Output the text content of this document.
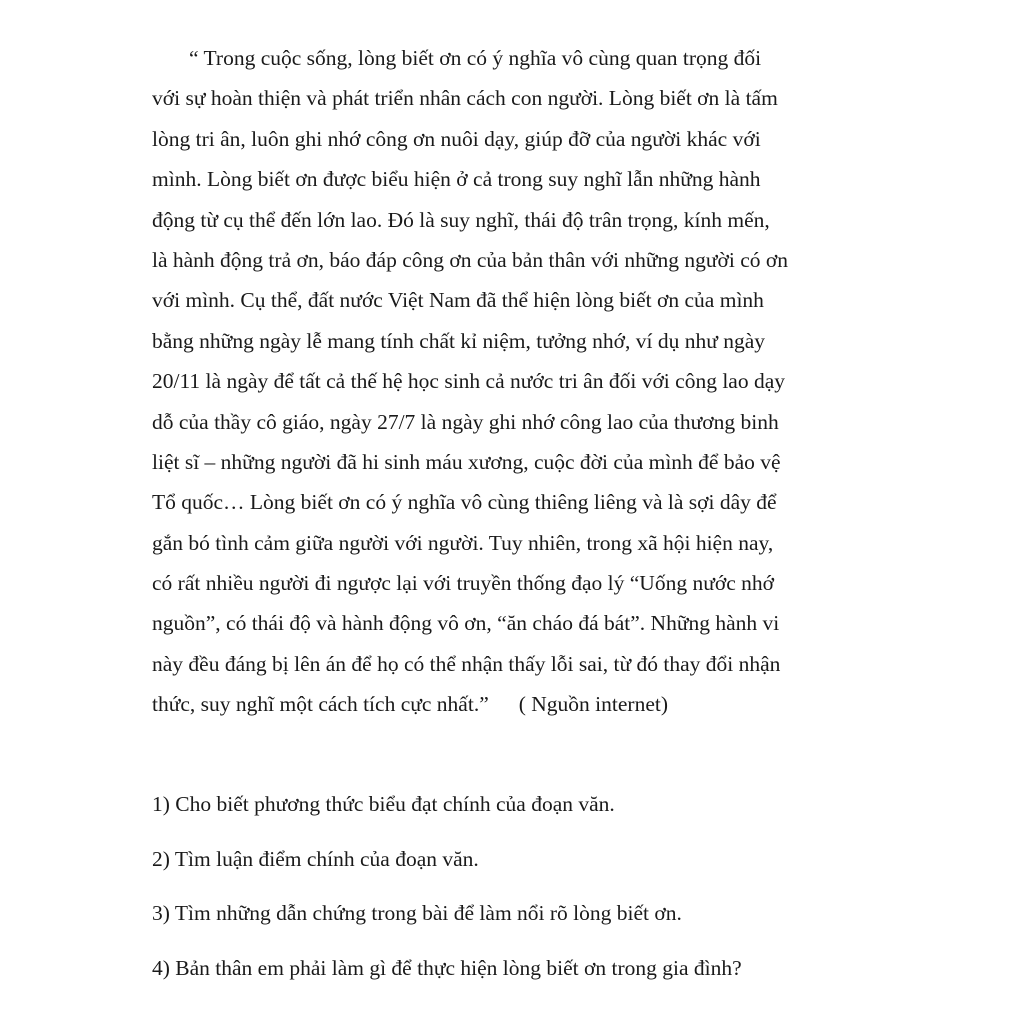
“ Trong cuộc sống, lòng biết ơn có ý nghĩa vô cùng quan trọng đối
với sự hoàn thiện và phát triển nhân cách con người. Lòng biết ơn là tấm
lòng tri ân, luôn ghi nhớ công ơn nuôi dạy, giúp đỡ của người khác với
mình. Lòng biết ơn được biểu hiện ở cả trong suy nghĩ lẫn những hành
động từ cụ thể đến lớn lao. Đó là suy nghĩ, thái độ trân trọng, kính mến,
là hành động trả ơn, báo đáp công ơn của bản thân với những người có ơn
với mình. Cụ thể, đất nước Việt Nam đã thể hiện lòng biết ơn của mình
bằng những ngày lễ mang tính chất kỉ niệm, tưởng nhớ, ví dụ như ngày
20/11 là ngày để tất cả thế hệ học sinh cả nước tri ân đối với công lao dạy
dỗ của thầy cô giáo, ngày 27/7 là ngày ghi nhớ công lao của thương binh
liệt sĩ – những người đã hi sinh máu xương, cuộc đời của mình để bảo vệ
Tổ quốc… Lòng biết ơn có ý nghĩa vô cùng thiêng liêng và là sợi dây để
gắn bó tình cảm giữa người với người. Tuy nhiên, trong xã hội hiện nay,
có rất nhiều người đi ngược lại với truyền thống đạo lý “Uống nước nhớ
nguồn”, có thái độ và hành động vô ơn, “ăn cháo đá bát”. Những hành vi
này đều đáng bị lên án để họ có thể nhận thấy lỗi sai, từ đó thay đổi nhận
thức, suy nghĩ một cách tích cực nhất.” ( Nguồn internet)
1) Cho biết phương thức biểu đạt chính của đoạn văn.
2) Tìm luận điểm chính của đoạn văn.
3) Tìm những dẫn chứng trong bài để làm nổi rõ lòng biết ơn.
4) Bản thân em phải làm gì để thực hiện lòng biết ơn trong gia đình?
